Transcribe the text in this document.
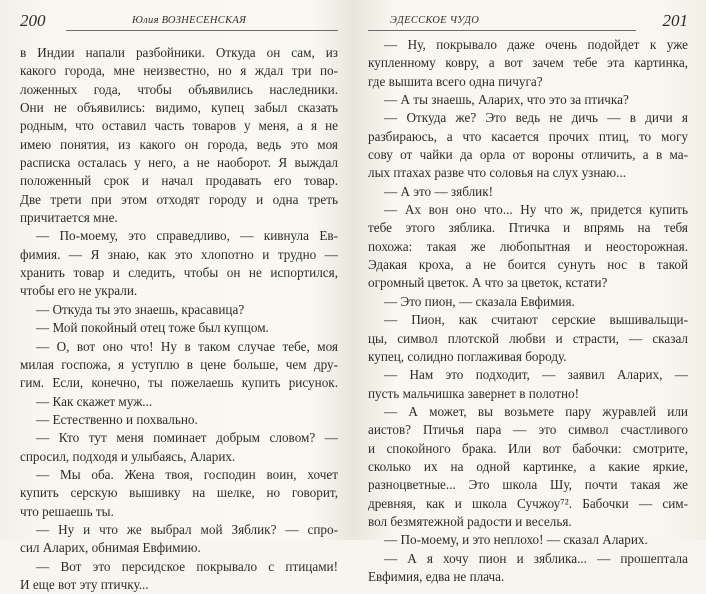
200	Юлия ВОЗНЕСЕНСКАЯ
в Индии напали разбойники. Откуда он сам, из
какого города, мне неизвестно, но я ждал три по-
ложенных года, чтобы объявились наследники.
Они не объявились: видимо, купец забыл сказать
родным, что оставил часть товаров у меня, а я не
имею понятия, из какого он города, ведь это моя
расписка осталась у него, а не наоборот. Я выждал
положенный срок и начал продавать его товар.
Две трети при этом отходят городу и одна треть
причитается мне.
— По-моему, это справедливо, — кивнула Ев-
фимия. — Я знаю, как это хлопотно и трудно —
хранить товар и следить, чтобы он не испортился,
чтобы его не украли.
— Откуда ты это знаешь, красавица?
— Мой покойный отец тоже был купцом.
— О, вот оно что! Ну в таком случае тебе, моя
милая госпожа, я уступлю в цене больше, чем дру-
гим. Если, конечно, ты пожелаешь купить рисунок.
— Как скажет муж...
— Естественно и похвально.
— Кто тут меня поминает добрым словом? —
спросил, подходя и улыбаясь, Аларих.
— Мы оба. Жена твоя, господин воин, хочет
купить серскую вышивку на шелке, но говорит,
что решаешь ты.
— Ну и что же выбрал мой Зяблик? — спро-
сил Аларих, обнимая Евфимию.
— Вот это персидское покрывало с птицами!
И еще вот эту птичку...
ЭДЕССКОЕ ЧУДО	201
— Ну, покрывало даже очень подойдет к уже
купленному ковру, а вот зачем тебе эта картинка,
где вышита всего одна пичуга?
— А ты знаешь, Аларих, что это за птичка?
— Откуда же? Это ведь не дичь — в дичи я
разбираюсь, а что касается прочих птиц, то могу
сову от чайки да орла от вороны отличить, а в ма-
лых птахах разве что соловья на слух узнаю...
— А это — зяблик!
— Ах вон оно что... Ну что ж, придется купить
тебе этого зяблика. Птичка и впрямь на тебя
похожа: такая же любопытная и неосторожная.
Эдакая кроха, а не боится сунуть нос в такой
огромный цветок. А что за цветок, кстати?
— Это пион, — сказала Евфимия.
— Пион, как считают серские вышивальщи-
цы, символ плотской любви и страсти, — сказал
купец, солидно поглаживая бороду.
— Нам это подходит, — заявил Аларих, —
пусть мальчишка завернет в полотно!
— А может, вы возьмете пару журавлей или
аистов? Птичья пара — это символ счастливого
и спокойного брака. Или вот бабочки: смотрите,
сколько их на одной картинке, а какие яркие,
разноцветные... Это школа Шу, почти такая же
древняя, как и школа Сучжоу⁷². Бабочки — сим-
вол безмятежной радости и веселья.
— По-моему, и это неплохо! — сказал Аларих.
— А я хочу пион и зяблика... — прошептала
Евфимия, едва не плача.
